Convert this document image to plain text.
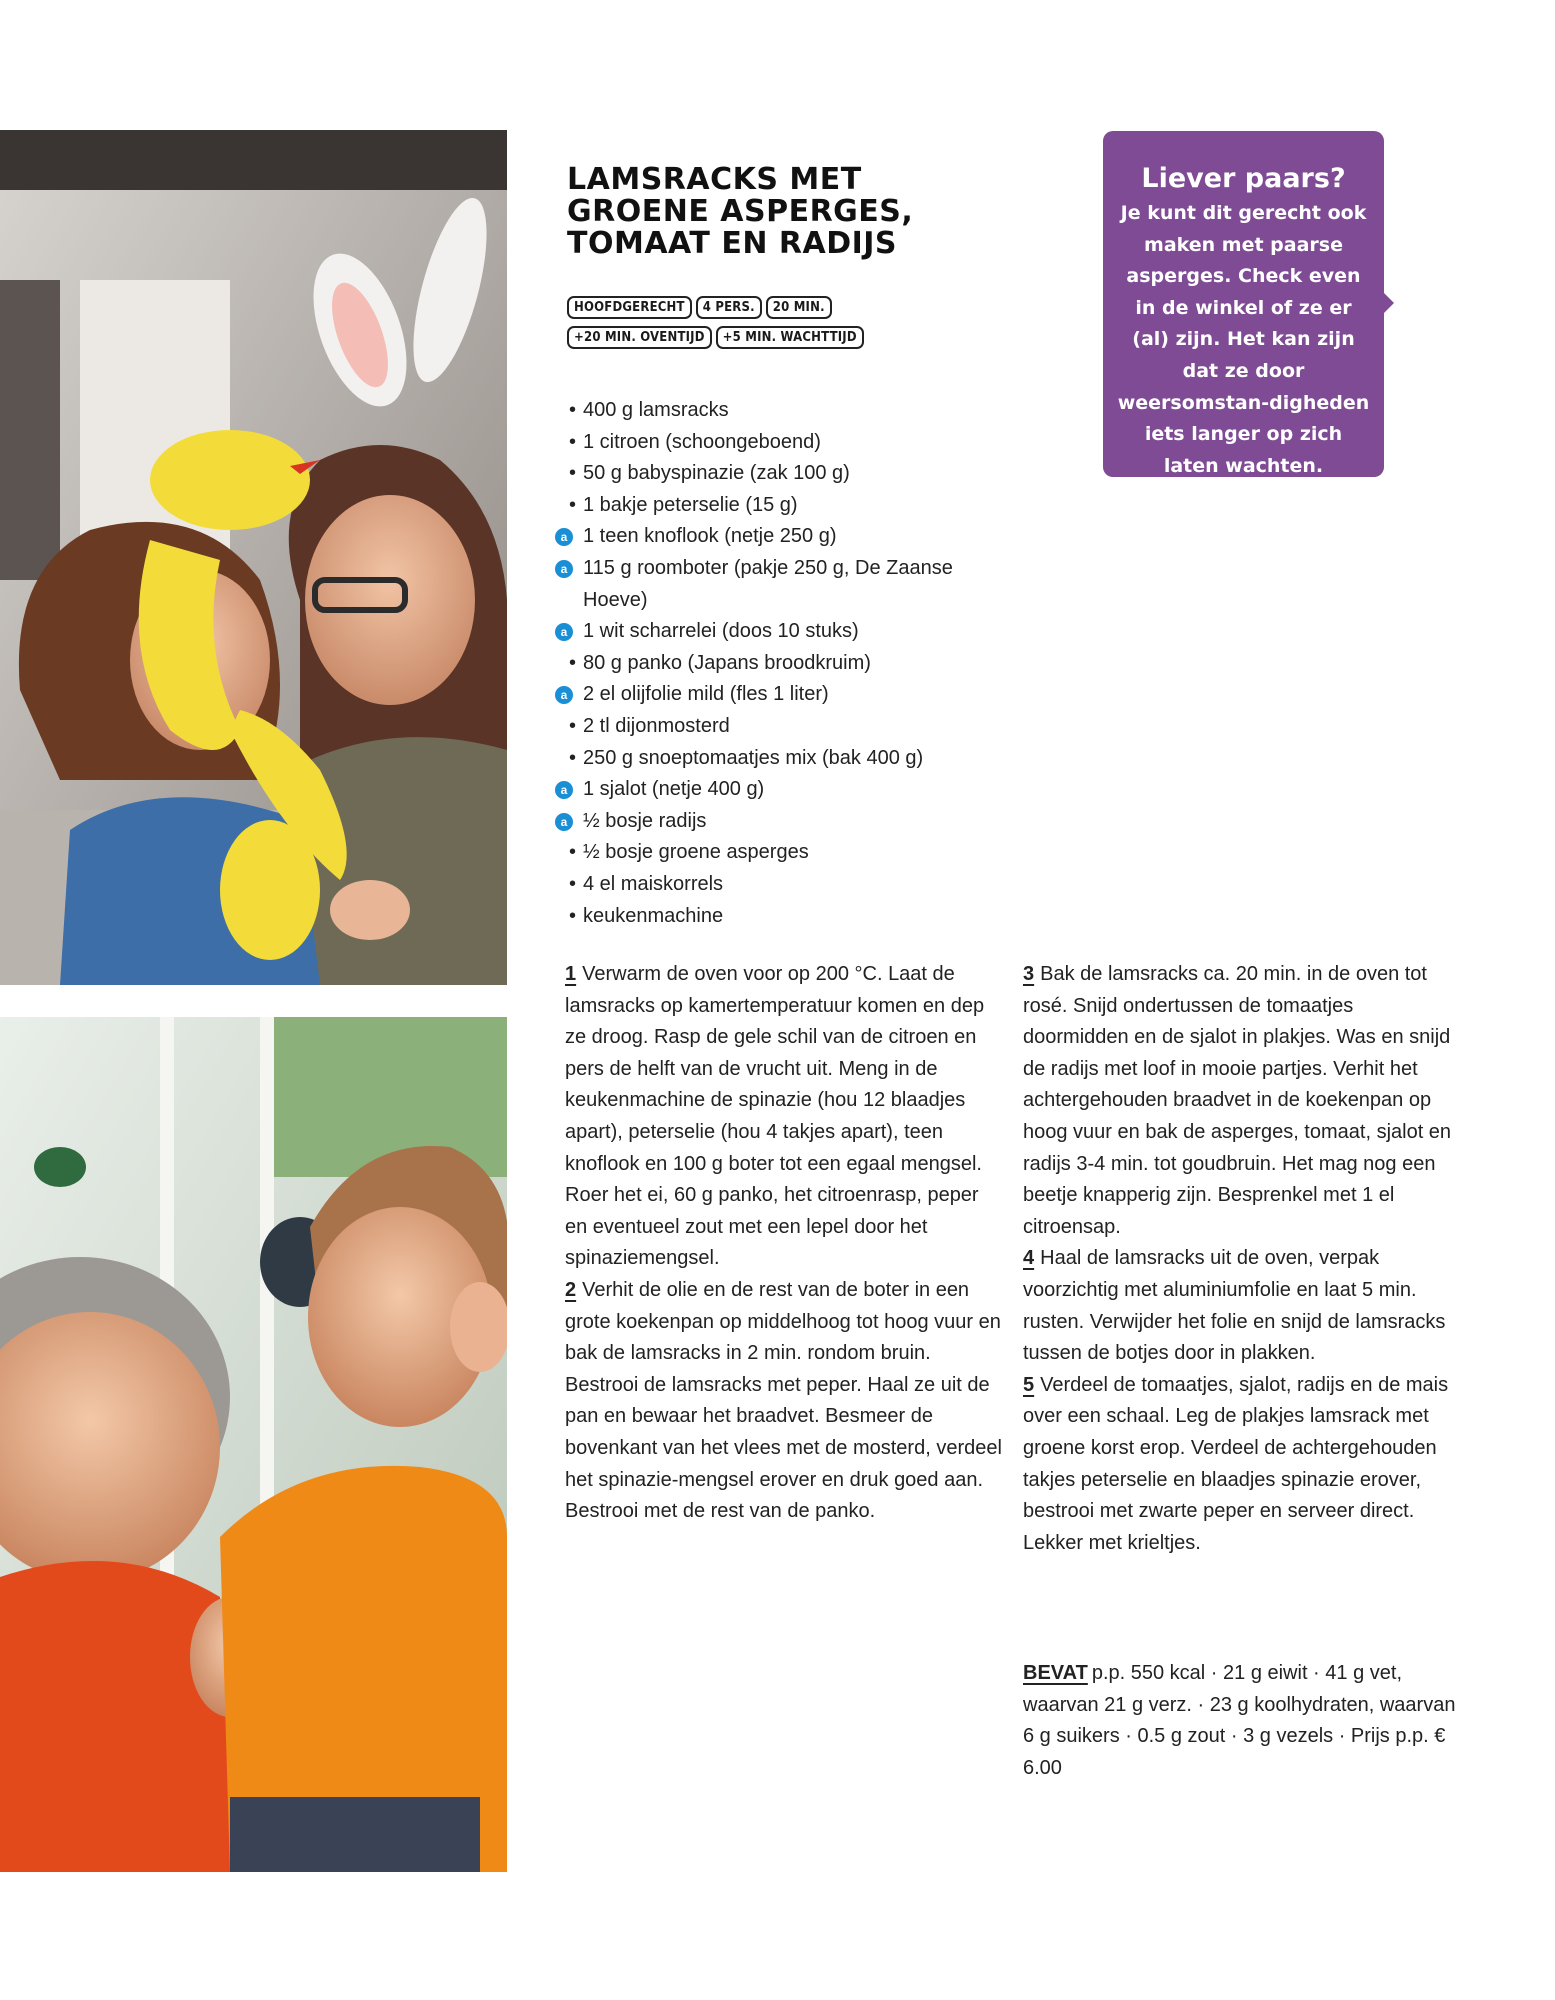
LAMSRACKS MET GROENE ASPERGES, TOMAAT EN RADIJS
HOOFDGERECHT 4 PERS. 20 MIN.
+20 MIN. OVENTIJD +5 MIN. WACHTTIJD
• 400 g lamsracks
• 1 citroen (schoongeboend)
• 50 g babyspinazie (zak 100 g)
• 1 bakje peterselie (15 g)
a 1 teen knoflook (netje 250 g)
a 115 g roomboter (pakje 250 g, De Zaanse Hoeve)
a 1 wit scharrelei (doos 10 stuks)
• 80 g panko (Japans broodkruim)
a 2 el olijfolie mild (fles 1 liter)
• 2 tl dijonmosterd
• 250 g snoeptomaatjes mix (bak 400 g)
a 1 sjalot (netje 400 g)
a ½ bosje radijs
• ½ bosje groene asperges
• 4 el maiskorrels
• keukenmachine
Liever paars?
Je kunt dit gerecht ook maken met paarse asperges. Check even in de winkel of ze er (al) zijn. Het kan zijn dat ze door weersomstan-digheden iets langer op zich laten wachten.

1 Verwarm de oven voor op 200 °C. Laat de lamsracks op kamertemperatuur komen en dep ze droog. Rasp de gele schil van de citroen en pers de helft van de vrucht uit. Meng in de keukenmachine de spinazie (hou 12 blaadjes apart), peterselie (hou 4 takjes apart), teen knoflook en 100 g boter tot een egaal mengsel. Roer het ei, 60 g panko, het citroenrasp, peper en eventueel zout met een lepel door het spinaziemengsel.

2 Verhit de olie en de rest van de boter in een grote koekenpan op middelhoog tot hoog vuur en bak de lamsracks in 2 min. rondom bruin. Bestrooi de lamsracks met peper. Haal ze uit de pan en bewaar het braadvet. Besmeer de bovenkant van het vlees met de mosterd, verdeel het spinazie-mengsel erover en druk goed aan. Bestrooi met de rest van de panko.

3 Bak de lamsracks ca. 20 min. in de oven tot rosé. Snijd ondertussen de tomaatjes doormidden en de sjalot in plakjes. Was en snijd de radijs met loof in mooie partjes. Verhit het achtergehouden braadvet in de koekenpan op hoog vuur en bak de asperges, tomaat, sjalot en radijs 3-4 min. tot goudbruin. Het mag nog een beetje knapperig zijn. Besprenkel met 1 el citroensap.

4 Haal de lamsracks uit de oven, verpak voorzichtig met aluminiumfolie en laat 5 min. rusten. Verwijder het folie en snijd de lamsracks tussen de botjes door in plakken.

5 Verdeel de tomaatjes, sjalot, radijs en de mais over een schaal. Leg de plakjes lamsrack met groene korst erop. Verdeel de achtergehouden takjes peterselie en blaadjes spinazie erover, bestrooi met zwarte peper en serveer direct. Lekker met krieltjes.

BEVAT p.p. 550 kcal · 21 g eiwit · 41 g vet, waarvan 21 g verz. · 23 g koolhydraten, waarvan 6 g suikers · 0.5 g zout · 3 g vezels · Prijs p.p. € 6.00
